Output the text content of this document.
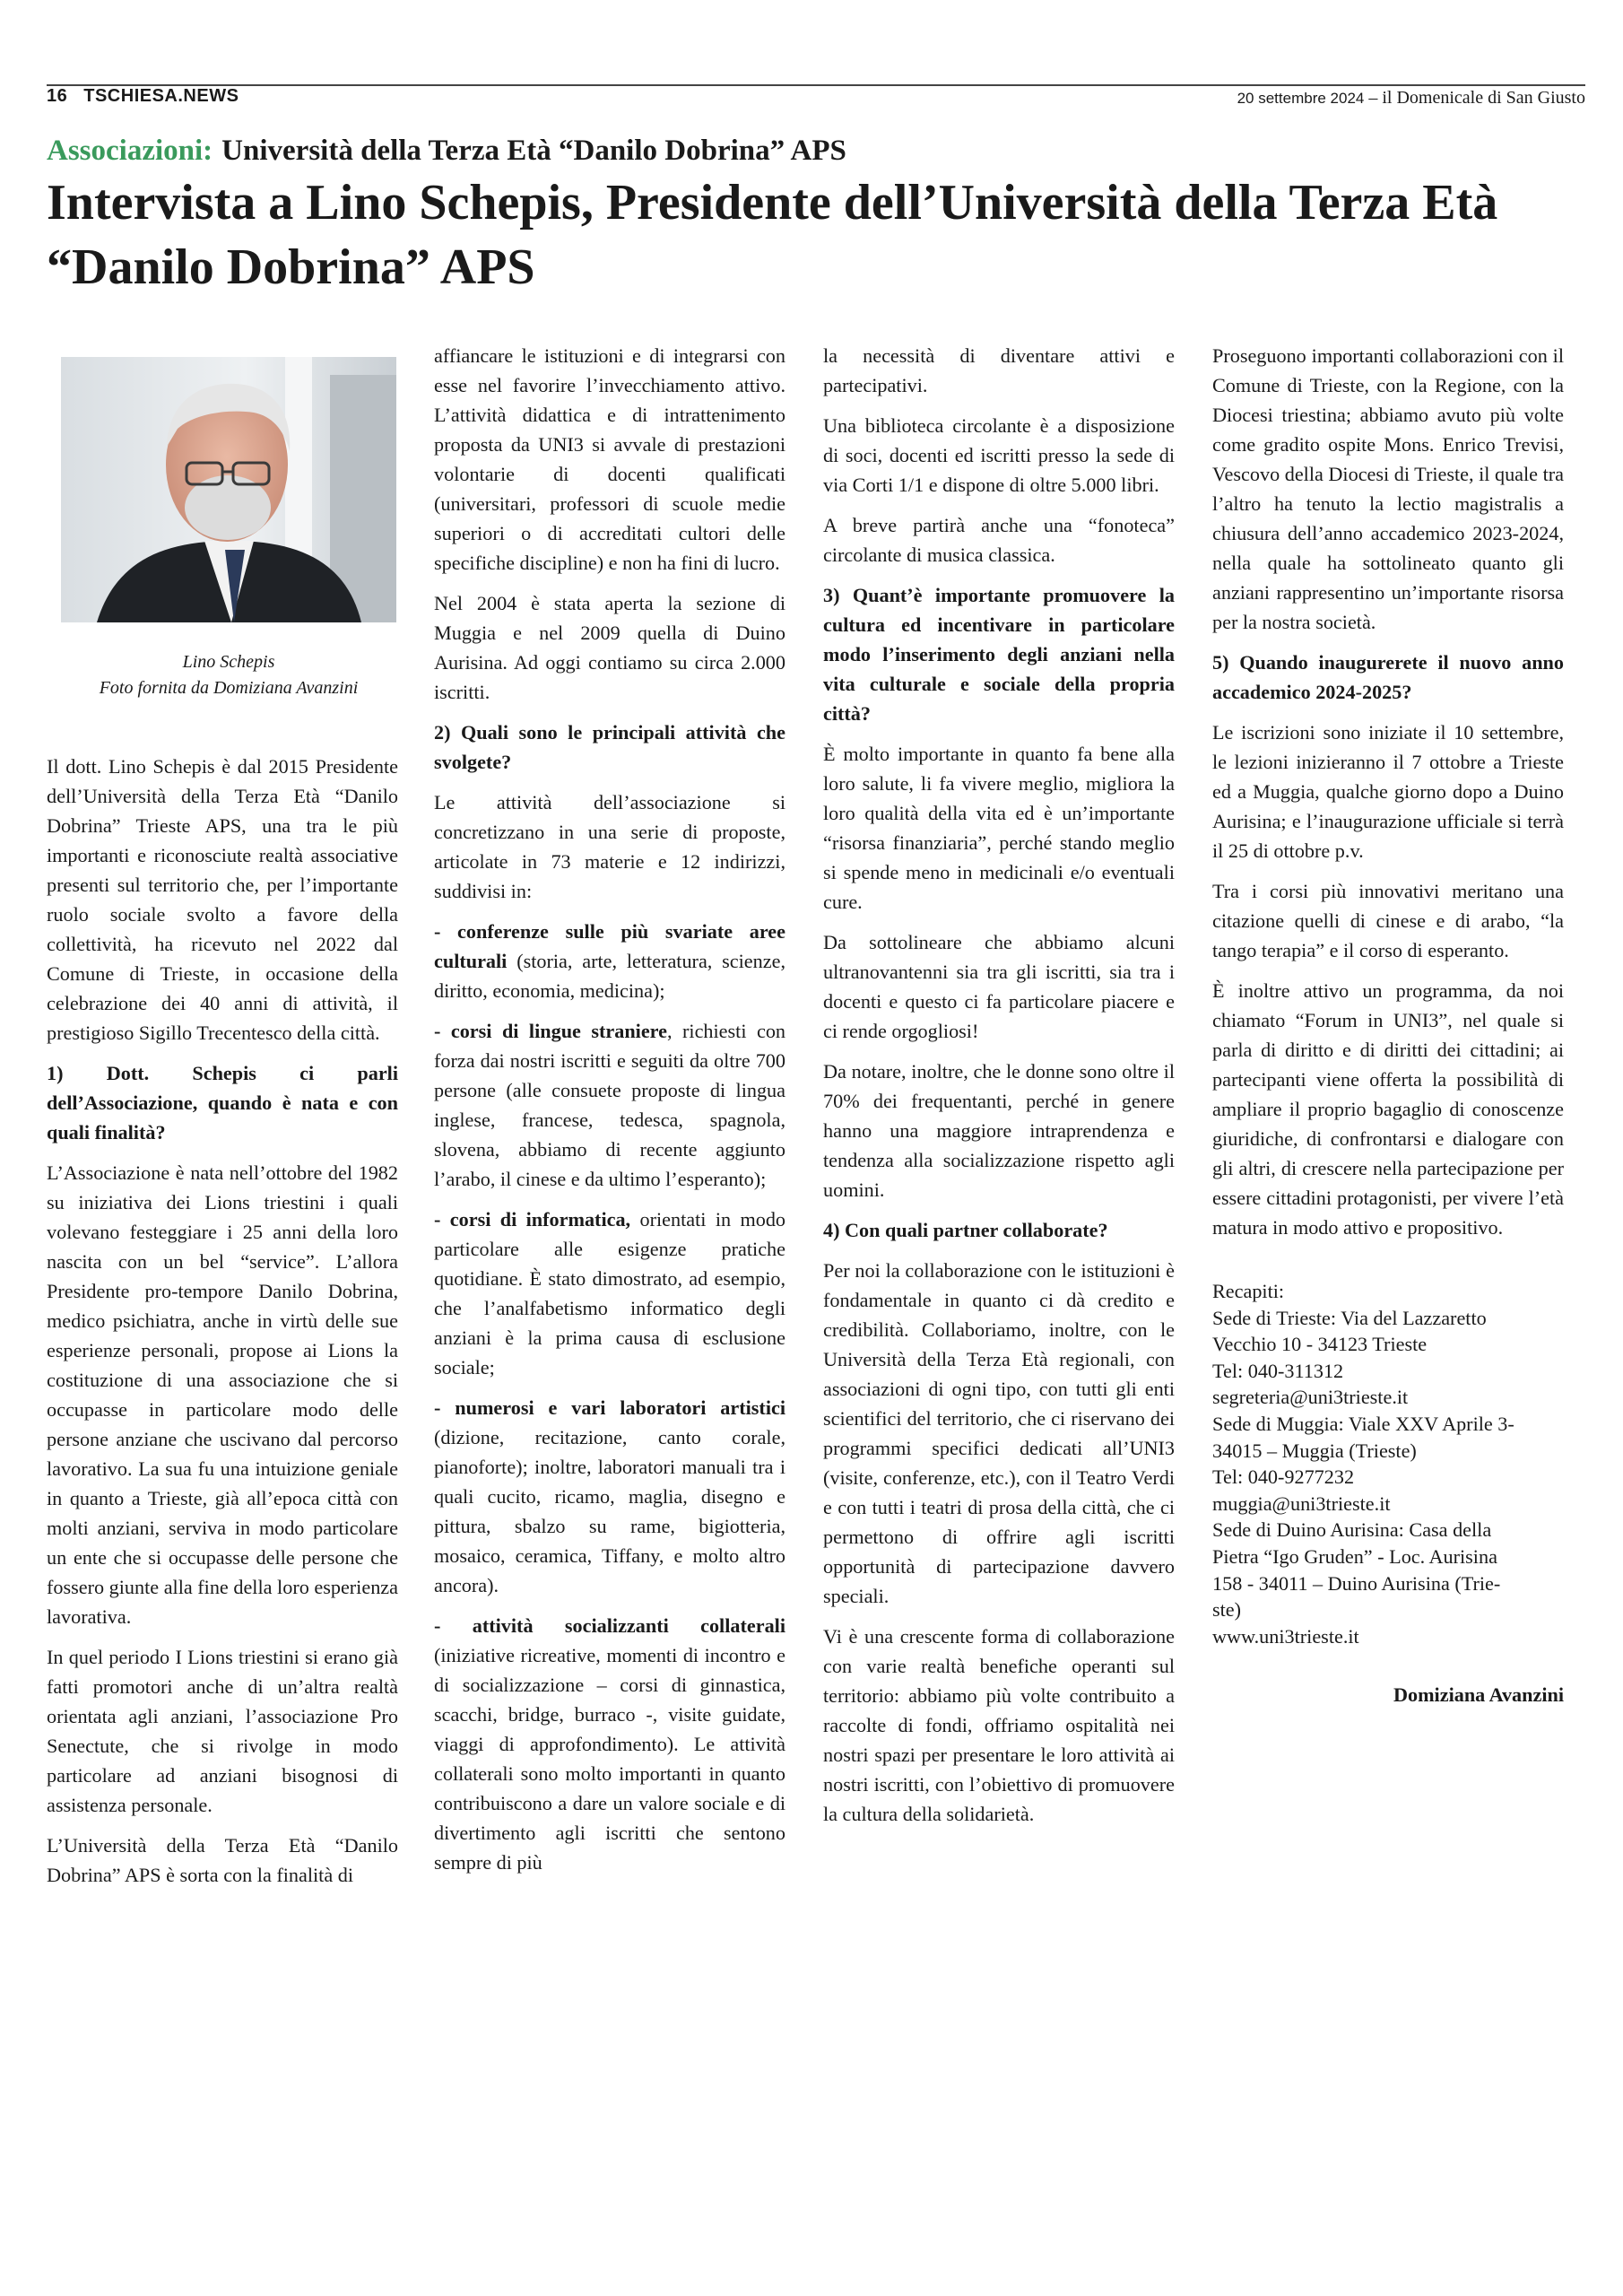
16 TSCHIESA.NEWS	20 settembre 2024 – il Domenicale di San Giusto
Associazioni: Università della Terza Età “Danilo Dobrina” APS
Intervista a Lino Schepis, Presidente dell’Università della Terza Età “Danilo Dobrina” APS
Lino Schepis
Foto fornita da Domiziana Avanzini

Il dott. Lino Schepis è dal 2015 Presidente dell’Università della Terza Età “Danilo Dobrina” Trieste APS, una tra le più importanti e riconosciute realtà associative presenti sul territorio che, per l’importante ruolo sociale svolto a favore della collettività, ha ricevuto nel 2022 dal Comune di Trieste, in occasione della celebrazione dei 40 anni di attività, il prestigioso Sigillo Trecentesco della città.

1) Dott. Schepis ci parli dell’Associazione, quando è nata e con quali finalità?

L’Associazione è nata nell’ottobre del 1982 su iniziativa dei Lions triestini i quali volevano festeggiare i 25 anni della loro nascita con un bel “service”. L’allora Presidente pro-tempore Danilo Dobrina, medico psichiatra, anche in virtù delle sue esperienze personali, propose ai Lions la costituzione di una associazione che si occupasse in particolare modo delle persone anziane che uscivano dal percorso lavorativo. La sua fu una intuizione geniale in quanto a Trieste, già all’epoca città con molti anziani, serviva in modo particolare un ente che si occupasse delle persone che fossero giunte alla fine della loro esperienza lavorativa.

In quel periodo I Lions triestini si erano già fatti promotori anche di un’altra realtà orientata agli anziani, l’associazione Pro Senectute, che si rivolge in modo particolare ad anziani bisognosi di assistenza personale.

L’Università della Terza Età “Danilo Dobrina” APS è sorta con la finalità di

affiancare le istituzioni e di integrarsi con esse nel favorire l’invecchiamento attivo. L’attività didattica e di intrattenimento proposta da UNI3 si avvale di prestazioni volontarie di docenti qualificati (universitari, professori di scuole medie superiori o di accreditati cultori delle specifiche discipline) e non ha fini di lucro.

Nel 2004 è stata aperta la sezione di Muggia e nel 2009 quella di Duino Aurisina. Ad oggi contiamo su circa 2.000 iscritti.

2) Quali sono le principali attività che svolgete?

Le attività dell’associazione si concretizzano in una serie di proposte, articolate in 73 materie e 12 indirizzi, suddivisi in:

- conferenze sulle più svariate aree culturali (storia, arte, letteratura, scienze, diritto, economia, medicina);

- corsi di lingue straniere, richiesti con forza dai nostri iscritti e seguiti da oltre 700 persone (alle consuete proposte di lingua inglese, francese, tedesca, spagnola, slovena, abbiamo di recente aggiunto l’arabo, il cinese e da ultimo l’esperanto);

- corsi di informatica, orientati in modo particolare alle esigenze pratiche quotidiane. È stato dimostrato, ad esempio, che l’analfabetismo informatico degli anziani è la prima causa di esclusione sociale;

- numerosi e vari laboratori artistici (dizione, recitazione, canto corale, pianoforte); inoltre, laboratori manuali tra i quali cucito, ricamo, maglia, disegno e pittura, sbalzo su rame, bigiotteria, mosaico, ceramica, Tiffany, e molto altro ancora).

- attività socializzanti collaterali (iniziative ricreative, momenti di incontro e di socializzazione – corsi di ginnastica, scacchi, bridge, burraco -, visite guidate, viaggi di approfondimento). Le attività collaterali sono molto importanti in quanto contribuiscono a dare un valore sociale e di divertimento agli iscritti che sentono sempre di più

la necessità di diventare attivi e partecipativi.

Una biblioteca circolante è a disposizione di soci, docenti ed iscritti presso la sede di via Corti 1/1 e dispone di oltre 5.000 libri.

A breve partirà anche una “fonoteca” circolante di musica classica.

3) Quant’è importante promuovere la cultura ed incentivare in particolare modo l’inserimento degli anziani nella vita culturale e sociale della propria città?

È molto importante in quanto fa bene alla loro salute, li fa vivere meglio, migliora la loro qualità della vita ed è un’importante “risorsa finanziaria”, perché stando meglio si spende meno in medicinali e/o eventuali cure.

Da sottolineare che abbiamo alcuni ultranovantenni sia tra gli iscritti, sia tra i docenti e questo ci fa particolare piacere e ci rende orgogliosi!

Da notare, inoltre, che le donne sono oltre il 70% dei frequentanti, perché in genere hanno una maggiore intraprendenza e tendenza alla socializzazione rispetto agli uomini.

4) Con quali partner collaborate?

Per noi la collaborazione con le istituzioni è fondamentale in quanto ci dà credito e credibilità. Collaboriamo, inoltre, con le Università della Terza Età regionali, con associazioni di ogni tipo, con tutti gli enti scientifici del territorio, che ci riservano dei programmi specifici dedicati all’UNI3 (visite, conferenze, etc.), con il Teatro Verdi e con tutti i teatri di prosa della città, che ci permettono di offrire agli iscritti opportunità di partecipazione davvero speciali.

Vi è una crescente forma di collaborazione con varie realtà benefiche operanti sul territorio: abbiamo più volte contribuito a raccolte di fondi, offriamo ospitalità nei nostri spazi per presentare le loro attività ai nostri iscritti, con l’obiettivo di promuovere la cultura della solidarietà.

Proseguono importanti collaborazioni con il Comune di Trieste, con la Regione, con la Diocesi triestina; abbiamo avuto più volte come gradito ospite Mons. Enrico Trevisi, Vescovo della Diocesi di Trieste, il quale tra l’altro ha tenuto la lectio magistralis a chiusura dell’anno accademico 2023-2024, nella quale ha sottolineato quanto gli anziani rappresentino un’importante risorsa per la nostra società.

5) Quando inaugurerete il nuovo anno accademico 2024-2025?

Le iscrizioni sono iniziate il 10 settembre, le lezioni inizieranno il 7 ottobre a Trieste ed a Muggia, qualche giorno dopo a Duino Aurisina; e l’inaugurazione ufficiale si terrà il 25 di ottobre p.v.

Tra i corsi più innovativi meritano una citazione quelli di cinese e di arabo, “la tango terapia” e il corso di esperanto.

È inoltre attivo un programma, da noi chiamato “Forum in UNI3”, nel quale si parla di diritto e di diritti dei cittadini; ai partecipanti viene offerta la possibilità di ampliare il proprio bagaglio di conoscenze giuridiche, di confrontarsi e dialogare con gli altri, di crescere nella partecipazione per essere cittadini protagonisti, per vivere l’età matura in modo attivo e propositivo.

Recapiti:
Sede di Trieste: Via del Lazzaretto
Vecchio 10 - 34123 Trieste
Tel: 040-311312
segreteria@uni3trieste.it
Sede di Muggia: Viale XXV Aprile 3-
34015 – Muggia (Trieste)
Tel: 040-9277232
muggia@uni3trieste.it
Sede di Duino Aurisina: Casa della
Pietra “Igo Gruden” - Loc. Aurisina
158 - 34011 – Duino Aurisina (Trie-
ste)
www.uni3trieste.it
Domiziana Avanzini
